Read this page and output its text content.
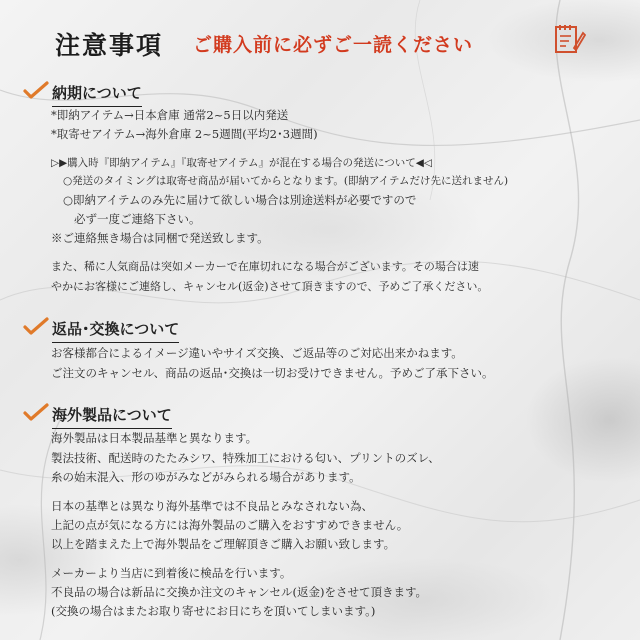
注意事項 ご購入前に必ずご一読ください
納期について
*即納アイテム→日本倉庫 通常2~5日以内発送
*取寄せアイテム→海外倉庫 2~5週間(平均2･3週間)
▷▶購入時『即納アイテム』『取寄せアイテム』が混在する場合の発送について◀◁
○発送のタイミングは取寄せ商品が届いてからとなります。(即納アイテムだけ先に送れません)
○即納アイテムのみ先に届けて欲しい場合は別途送料が必要ですので
必ず一度ご連絡下さい。
※ご連絡無き場合は同梱で発送致します。
また、稀に人気商品は突如メーカーで在庫切れになる場合がございます。その場合は速
やかにお客様にご連絡し、キャンセル(返金)させて頂きますので、予めご了承ください。
返品･交換について
お客様都合によるイメージ違いやサイズ交換、ご返品等のご対応出来かねます。
ご注文のキャンセル、商品の返品･交換は一切お受けできません。予めご了承下さい。
海外製品について
海外製品は日本製品基準と異なります。
製法技術、配送時のたたみシワ、特殊加工における匂い、プリントのズレ、
糸の始末混入、形のゆがみなどがみられる場合があります。
日本の基準とは異なり海外基準では不良品とみなされない為、
上記の点が気になる方には海外製品のご購入をおすすめできません。
以上を踏まえた上で海外製品をご理解頂きご購入お願い致します。
メーカーより当店に到着後に検品を行います。
不良品の場合は新品に交換か注文のキャンセル(返金)をさせて頂きます。
(交換の場合はまたお取り寄せにお日にちを頂いてしまいます。)
